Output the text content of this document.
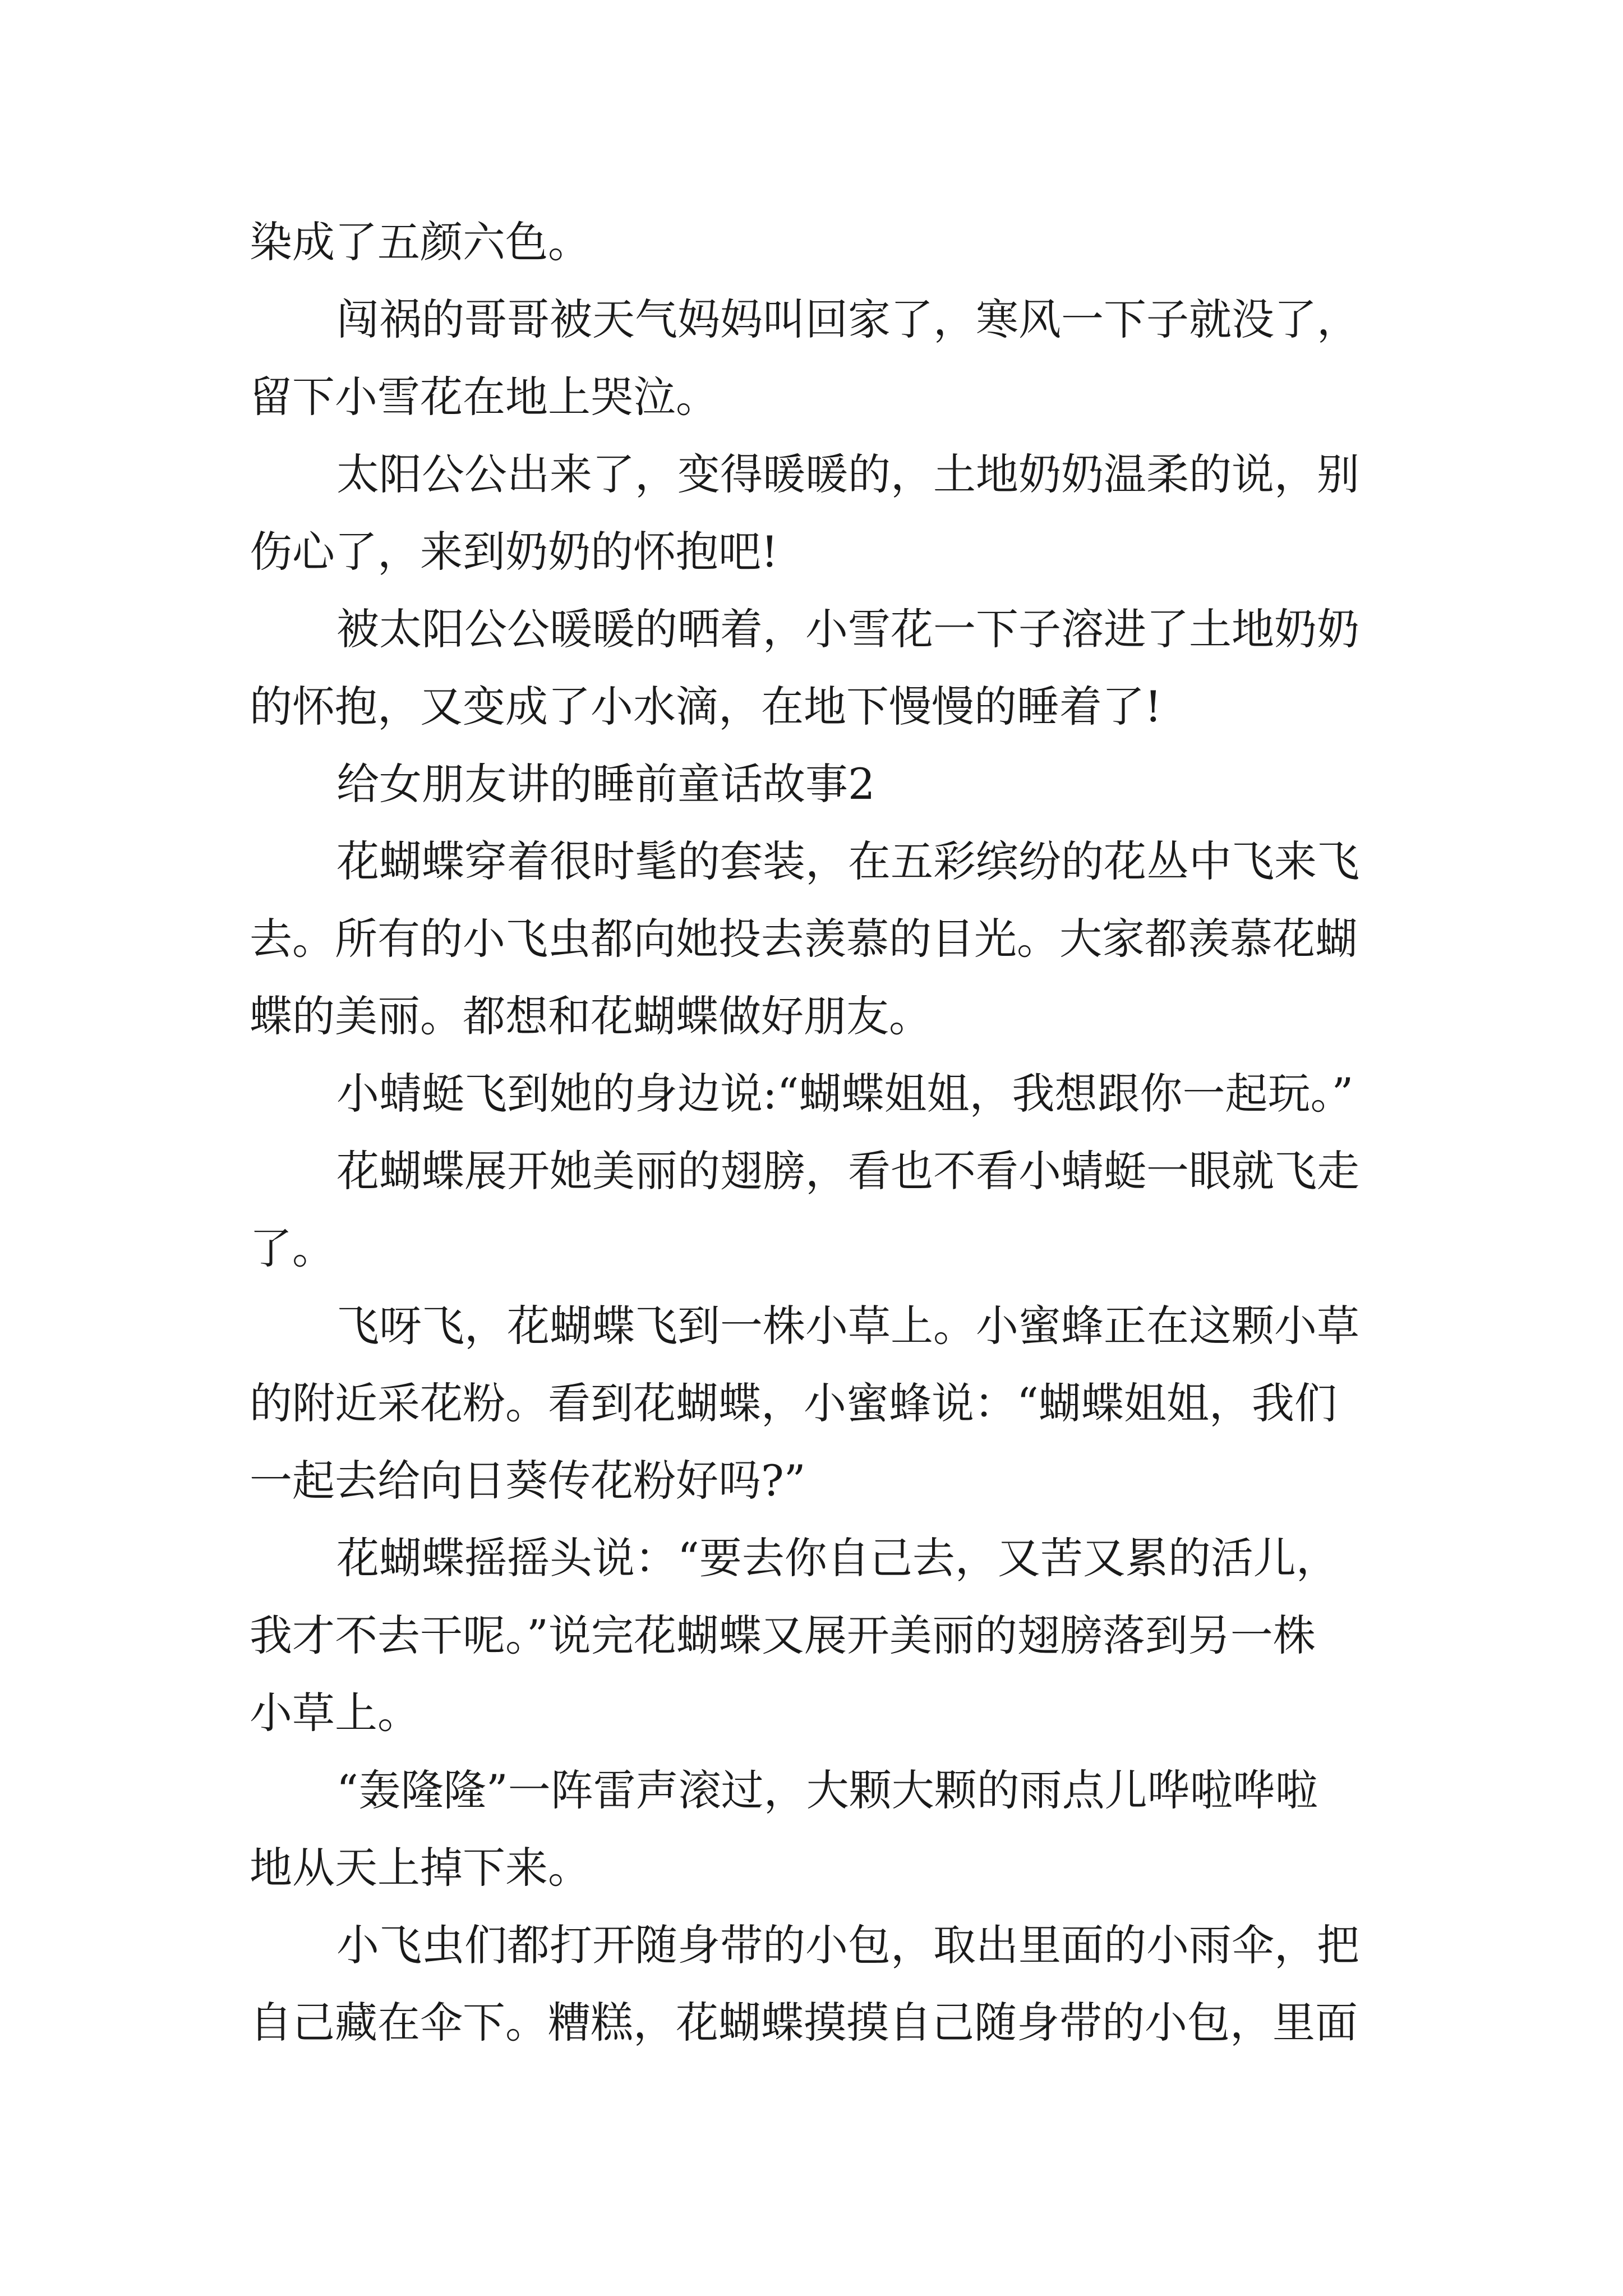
染成了五颜六色。

闯祸的哥哥被天气妈妈叫回家了，寒风一下子就没了，

留下小雪花在地上哭泣。

太阳公公出来了，变得暖暖的，土地奶奶温柔的说，别

伤心了，来到奶奶的怀抱吧!

被太阳公公暖暖的晒着，小雪花一下子溶进了土地奶奶

的怀抱，又变成了小水滴，在地下慢慢的睡着了!

给女朋友讲的睡前童话故事2

花蝴蝶穿着很时髦的套装，在五彩缤纷的花丛中飞来飞

去。所有的小飞虫都向她投去羡慕的目光。大家都羡慕花蝴

蝶的美丽。都想和花蝴蝶做好朋友。

小蜻蜓飞到她的身边说:“蝴蝶姐姐，我想跟你一起玩。”

花蝴蝶展开她美丽的翅膀，看也不看小蜻蜓一眼就飞走

了。

飞呀飞，花蝴蝶飞到一株小草上。小蜜蜂正在这颗小草

的附近采花粉。看到花蝴蝶，小蜜蜂说：“蝴蝶姐姐，我们

一起去给向日葵传花粉好吗?”

花蝴蝶摇摇头说：“要去你自己去，又苦又累的活儿，

我才不去干呢。”说完花蝴蝶又展开美丽的翅膀落到另一株

小草上。

“轰隆隆”一阵雷声滚过，大颗大颗的雨点儿哗啦哗啦

地从天上掉下来。

小飞虫们都打开随身带的小包，取出里面的小雨伞，把

自己藏在伞下。糟糕，花蝴蝶摸摸自己随身带的小包，里面
